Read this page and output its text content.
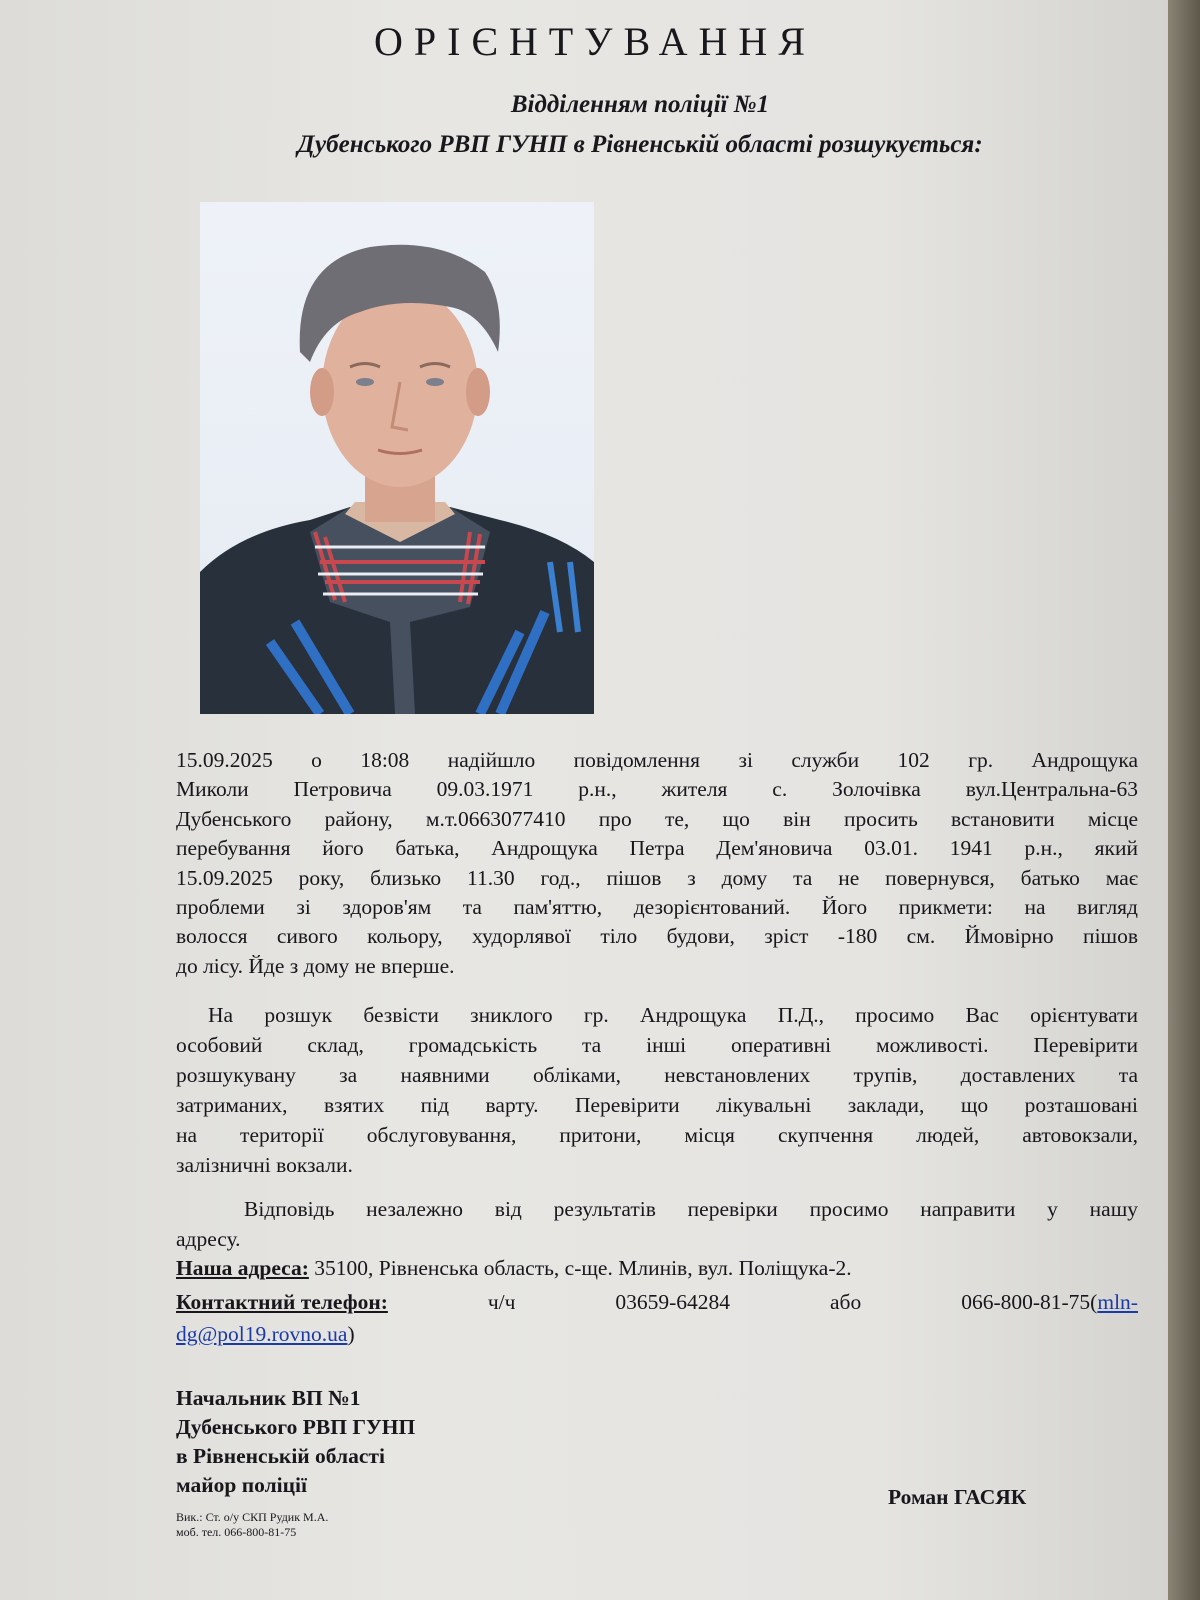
ОРІЄНТУВАННЯ

Відділенням поліції №1

Дубенського РВП ГУНП в Рівненській області розшукується:

15.09.2025 о 18:08 надійшло повідомлення зі служби 102 гр. Андрощука

Миколи Петровича 09.03.1971 р.н., жителя с. Золочівка вул.Центральна-63

Дубенського району, м.т.0663077410 про те, що він просить встановити місце

перебування його батька, Андрощука Петра Дем'яновича 03.01. 1941 р.н., який

15.09.2025 року, близько 11.30 год., пішов з дому та не повернувся, батько має

проблеми зі здоров'ям та пам'яттю, дезорієнтований. Його прикмети: на вигляд

волосся сивого кольору, худорлявої тіло будови, зріст -180 см. Ймовірно пішов

до лісу. Йде з дому не вперше.

На розшук безвісти зниклого гр. Андрощука П.Д., просимо Вас орієнтувати

особовий склад, громадськість та інші оперативні можливості. Перевірити

розшукувану за наявними обліками, невстановлених трупів, доставлених та

затриманих, взятих під варту. Перевірити лікувальні заклади, що розташовані

на території обслуговування, притони, місця скупчення людей, автовокзали,

залізничні вокзали.

Відповідь незалежно від результатів перевірки просимо направити у нашу

адресу.

Наша адреса: 35100, Рівненська область, с-ще. Млинів, вул. Поліщука-2.
Контактний телефон:	ч/ч	03659-64284	або	066-800-81-75(mln-
dg@pol19.rovno.ua)
Начальник ВП №1
Дубенського РВП ГУНП
в Рівненській області
майор поліції	Роман ГАСЯК
Вик.: Ст. о/у СКП Рудик М.А.
моб. тел. 066-800-81-75
